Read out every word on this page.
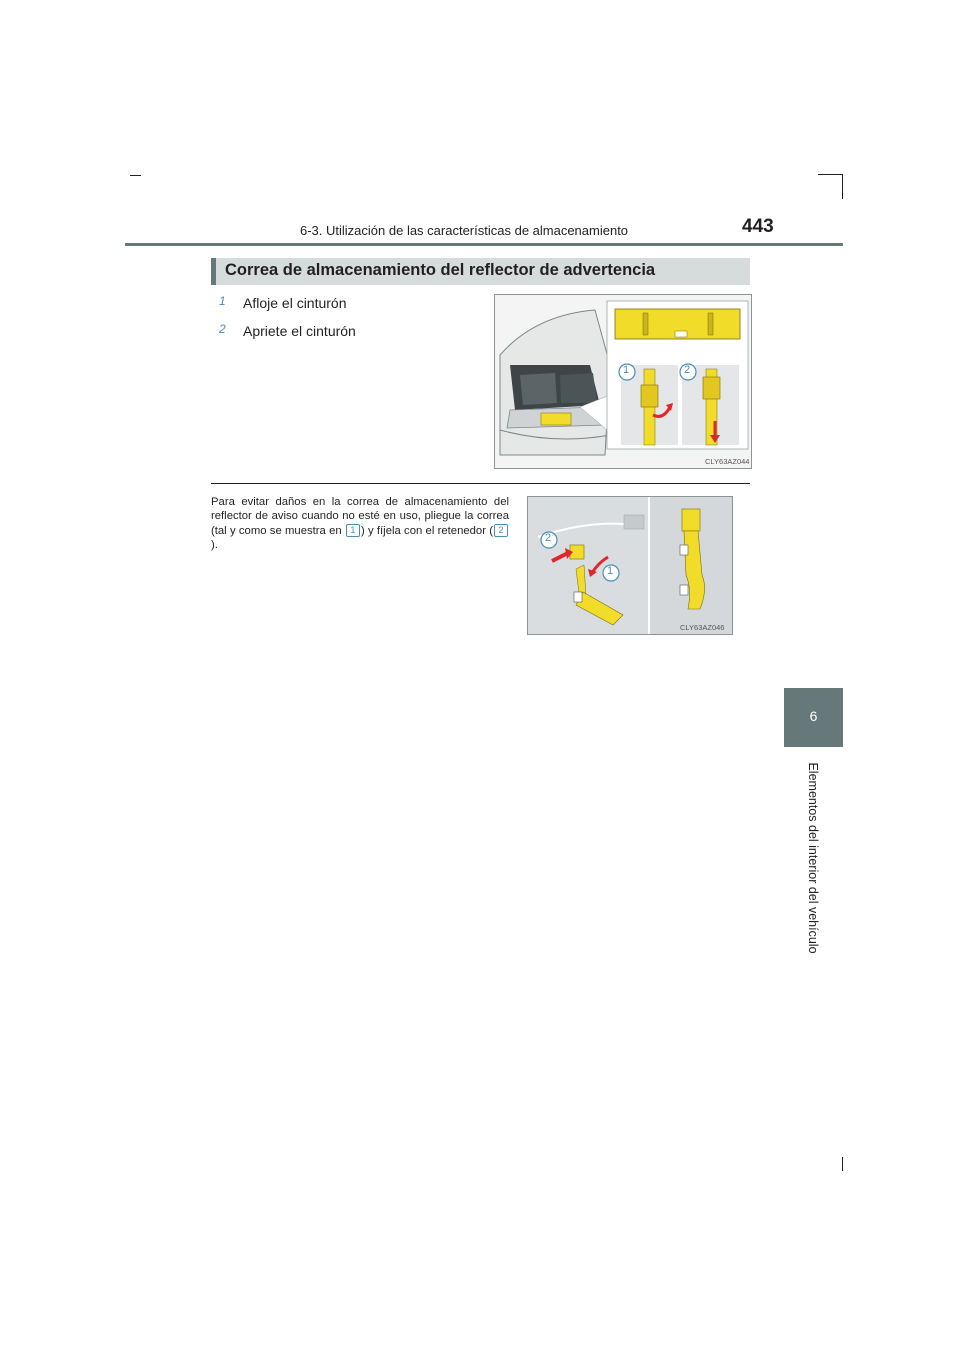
6-3. Utilización de las características de almacenamiento	443
6
Elementos del interior del vehículo
Correa de almacenamiento del reflector de advertencia
1	Afloje el cinturón
2	Apriete el cinturón
1	2
CLY63AZ044

Para evitar daños en la correa de almacenamiento del reflector de aviso cuando no esté en uso, pliegue la correa (tal y como se muestra en 1 ) y fíjela con el retenedor ( 2).

2
1
CLY63AZ046
